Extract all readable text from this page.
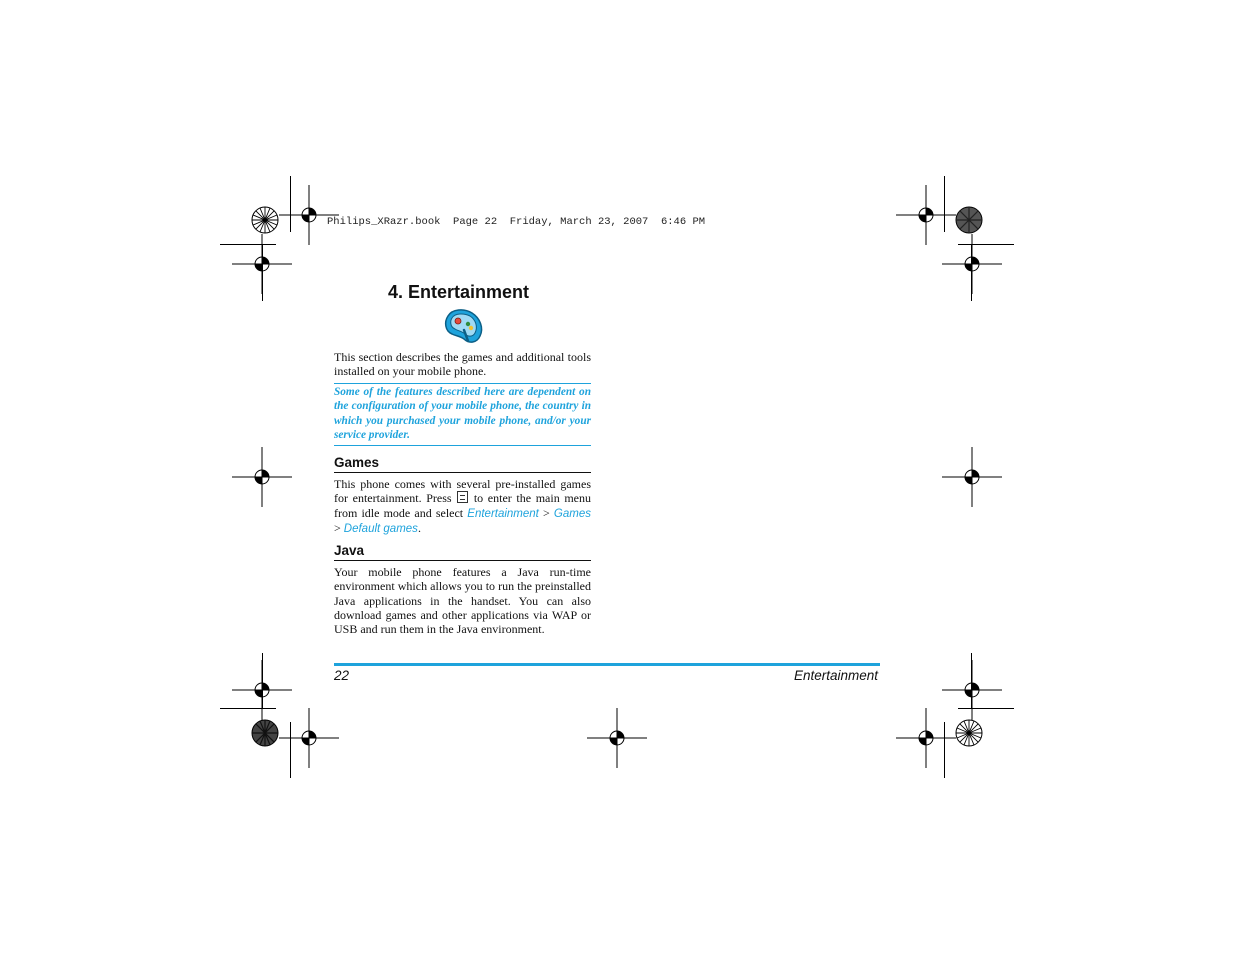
Philips_XRazr.book  Page 22  Friday, March 23, 2007  6:46 PM
4. Entertainment

This section describes the games and additional tools installed on your mobile phone.

Some of the features described here are dependent on the configuration of your mobile phone, the country in which you purchased your mobile phone, and/or your service provider.

Games

This phone comes with several pre-installed games for entertainment. Press  to enter the main menu from idle mode and select Entertainment > Games > Default games.

Java

Your mobile phone features a Java run-time environment which allows you to run the preinstalled Java applications in the handset. You can also download games and other applications via WAP or USB and run them in the Java environment.

22	Entertainment
